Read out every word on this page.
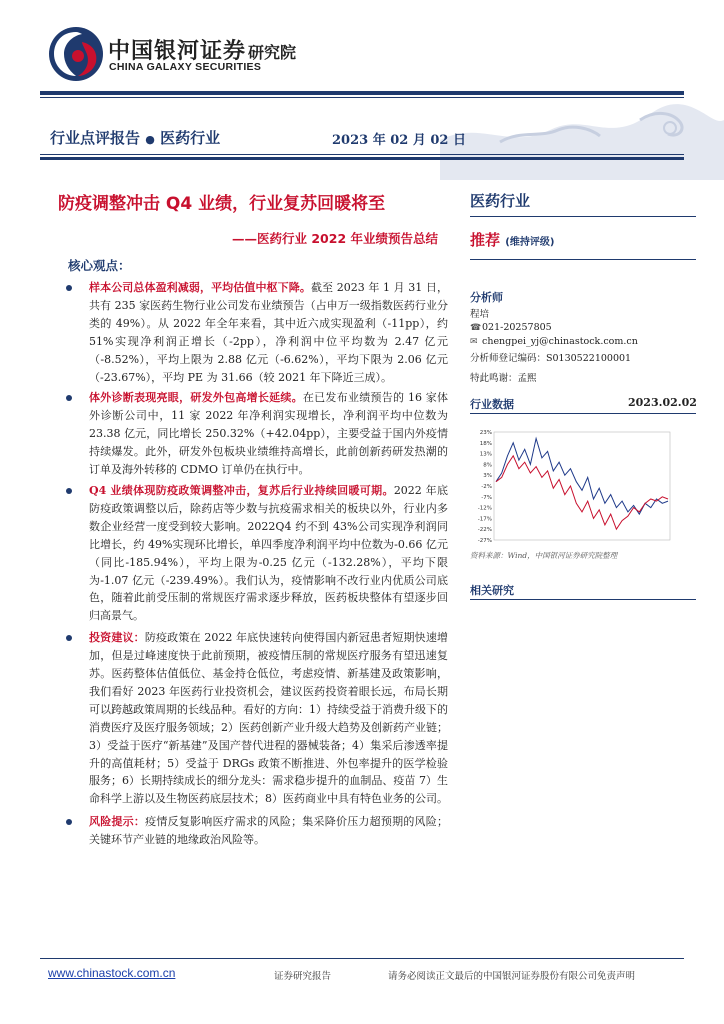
中国银河证券
CHINA GALAXY SECURITIES
研究院
行业点评报告 ● 医药行业	2023 年 02 月 02 日
防疫调整冲击 Q4 业绩，行业复苏回暖将至
——医药行业 2022 年业绩预告总结
核心观点：
样本公司总体盈利减弱，平均估值中枢下降。截至 2023 年 1 月 31 日，共有 235 家医药生物行业公司发布业绩预告（占申万一级指数医药行业分类的 49%）。从 2022 年全年来看，其中近六成实现盈利（-11pp），约 51%实现净利润正增长（-2pp），净利润中位平均数为 2.47 亿元（-8.52%），平均上限为 2.88 亿元（-6.62%），平均下限为 2.06 亿元（-23.67%），平均 PE 为 31.66（较 2021 年下降近三成）。
体外诊断表现亮眼，研发外包高增长延续。在已发布业绩预告的 16 家体外诊断公司中，11 家 2022 年净利润实现增长，净利润平均中位数为 23.38 亿元，同比增长 250.32%（+42.04pp），主要受益于国内外疫情持续爆发。此外，研发外包板块业绩维持高增长，此前创新药研发热潮的订单及海外转移的 CDMO 订单仍在执行中。
Q4 业绩体现防疫政策调整冲击，复苏后行业持续回暖可期。2022 年底防疫政策调整以后，除药店等少数与抗疫需求相关的板块以外，行业内多数企业经营一度受到较大影响。2022Q4 约不到 43%公司实现净利润同比增长，约 49%实现环比增长，单四季度净利润平均中位数为-0.66 亿元（同比-185.94%），平均上限为-0.25 亿元（-132.28%），平均下限为-1.07 亿元（-239.49%）。我们认为，疫情影响不改行业内优质公司底色，随着此前受压制的常规医疗需求逐步释放，医药板块整体有望逐步回归高景气。
投资建议：防疫政策在 2022 年底快速转向使得国内新冠患者短期快速增加，但是过峰速度快于此前预期，被疫情压制的常规医疗服务有望迅速复苏。医药整体估值低位、基金持仓低位，考虑疫情、新基建及政策影响，我们看好 2023 年医药行业投资机会，建议医药投资着眼长远，布局长期可以跨越政策周期的长线品种。看好的方向：1）持续受益于消费升级下的消费医疗及医疗服务领域；2）医药创新产业升级大趋势及创新药产业链；3）受益于医疗“新基建”及国产替代进程的器械装备；4）集采后渗透率提升的高值耗材；5）受益于 DRGs 政策不断推进、外包率提升的医学检验服务；6）长期持续成长的细分龙头：需求稳步提升的血制品、疫苗 7）生命科学上游以及生物医药底层技术；8）医药商业中具有特色业务的公司。
风险提示：疫情反复影响医疗需求的风险；集采降价压力超预期的风险；关键环节产业链的地缘政治风险等。
医药行业
推荐 (维持评级)
分析师
程培
☎021-20257805
✉ chengpei_yj@chinastock.com.cn
分析师登记编码：S0130522100001
特此鸣谢：孟熙
行业数据	2023.02.02
23%
18%
13%
8%
3%
-2%
-7%
-12%
-17%
-22%
-27%
资料来源：Wind，中国银河证券研究院整理
相关研究
www.chinastock.com.cn	证券研究报告	请务必阅读正文最后的中国银河证券股份有限公司免责声明
